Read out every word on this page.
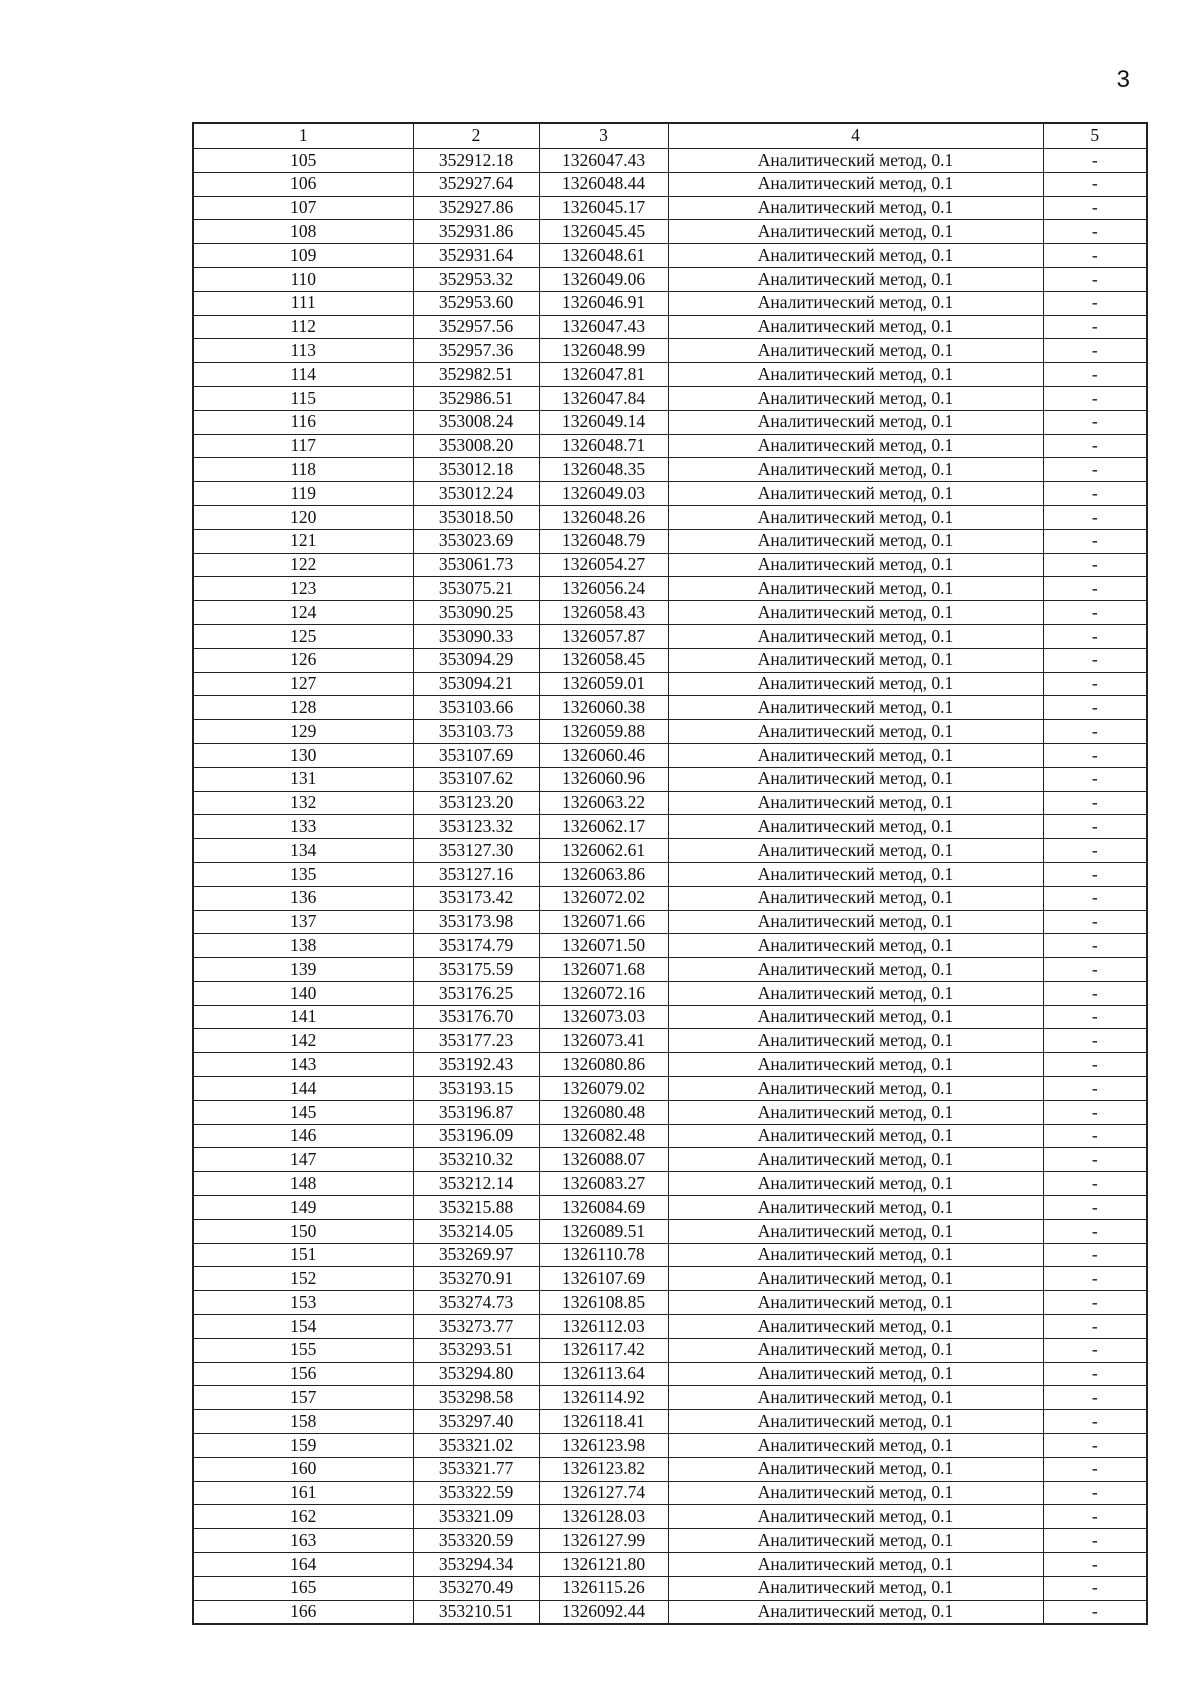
3
1	2	3	4	5
105	352912.18	1326047.43	Аналитический метод, 0.1	-
106	352927.64	1326048.44	Аналитический метод, 0.1	-
107	352927.86	1326045.17	Аналитический метод, 0.1	-
108	352931.86	1326045.45	Аналитический метод, 0.1	-
109	352931.64	1326048.61	Аналитический метод, 0.1	-
110	352953.32	1326049.06	Аналитический метод, 0.1	-
111	352953.60	1326046.91	Аналитический метод, 0.1	-
112	352957.56	1326047.43	Аналитический метод, 0.1	-
113	352957.36	1326048.99	Аналитический метод, 0.1	-
114	352982.51	1326047.81	Аналитический метод, 0.1	-
115	352986.51	1326047.84	Аналитический метод, 0.1	-
116	353008.24	1326049.14	Аналитический метод, 0.1	-
117	353008.20	1326048.71	Аналитический метод, 0.1	-
118	353012.18	1326048.35	Аналитический метод, 0.1	-
119	353012.24	1326049.03	Аналитический метод, 0.1	-
120	353018.50	1326048.26	Аналитический метод, 0.1	-
121	353023.69	1326048.79	Аналитический метод, 0.1	-
122	353061.73	1326054.27	Аналитический метод, 0.1	-
123	353075.21	1326056.24	Аналитический метод, 0.1	-
124	353090.25	1326058.43	Аналитический метод, 0.1	-
125	353090.33	1326057.87	Аналитический метод, 0.1	-
126	353094.29	1326058.45	Аналитический метод, 0.1	-
127	353094.21	1326059.01	Аналитический метод, 0.1	-
128	353103.66	1326060.38	Аналитический метод, 0.1	-
129	353103.73	1326059.88	Аналитический метод, 0.1	-
130	353107.69	1326060.46	Аналитический метод, 0.1	-
131	353107.62	1326060.96	Аналитический метод, 0.1	-
132	353123.20	1326063.22	Аналитический метод, 0.1	-
133	353123.32	1326062.17	Аналитический метод, 0.1	-
134	353127.30	1326062.61	Аналитический метод, 0.1	-
135	353127.16	1326063.86	Аналитический метод, 0.1	-
136	353173.42	1326072.02	Аналитический метод, 0.1	-
137	353173.98	1326071.66	Аналитический метод, 0.1	-
138	353174.79	1326071.50	Аналитический метод, 0.1	-
139	353175.59	1326071.68	Аналитический метод, 0.1	-
140	353176.25	1326072.16	Аналитический метод, 0.1	-
141	353176.70	1326073.03	Аналитический метод, 0.1	-
142	353177.23	1326073.41	Аналитический метод, 0.1	-
143	353192.43	1326080.86	Аналитический метод, 0.1	-
144	353193.15	1326079.02	Аналитический метод, 0.1	-
145	353196.87	1326080.48	Аналитический метод, 0.1	-
146	353196.09	1326082.48	Аналитический метод, 0.1	-
147	353210.32	1326088.07	Аналитический метод, 0.1	-
148	353212.14	1326083.27	Аналитический метод, 0.1	-
149	353215.88	1326084.69	Аналитический метод, 0.1	-
150	353214.05	1326089.51	Аналитический метод, 0.1	-
151	353269.97	1326110.78	Аналитический метод, 0.1	-
152	353270.91	1326107.69	Аналитический метод, 0.1	-
153	353274.73	1326108.85	Аналитический метод, 0.1	-
154	353273.77	1326112.03	Аналитический метод, 0.1	-
155	353293.51	1326117.42	Аналитический метод, 0.1	-
156	353294.80	1326113.64	Аналитический метод, 0.1	-
157	353298.58	1326114.92	Аналитический метод, 0.1	-
158	353297.40	1326118.41	Аналитический метод, 0.1	-
159	353321.02	1326123.98	Аналитический метод, 0.1	-
160	353321.77	1326123.82	Аналитический метод, 0.1	-
161	353322.59	1326127.74	Аналитический метод, 0.1	-
162	353321.09	1326128.03	Аналитический метод, 0.1	-
163	353320.59	1326127.99	Аналитический метод, 0.1	-
164	353294.34	1326121.80	Аналитический метод, 0.1	-
165	353270.49	1326115.26	Аналитический метод, 0.1	-
166	353210.51	1326092.44	Аналитический метод, 0.1	-
